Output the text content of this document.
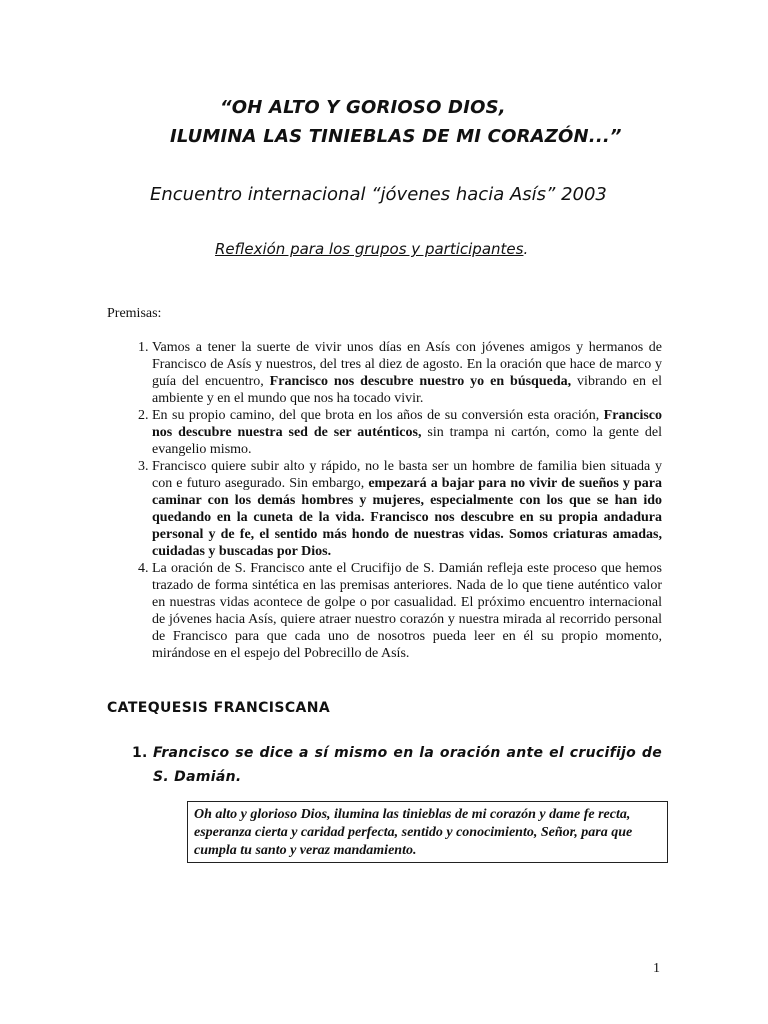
“OH ALTO Y GORIOSO DIOS,
ILUMINA LAS TINIEBLAS DE MI CORAZÓN...”
Encuentro internacional “jóvenes hacia Asís” 2003
Reflexión para los grupos y participantes.
Premisas:
1. Vamos a tener la suerte de vivir unos días en Asís con jóvenes amigos y hermanos de Francisco de Asís y nuestros, del tres al diez de agosto. En la oración que hace de marco y guía del encuentro, Francisco nos descubre nuestro yo en búsqueda, vibrando en el ambiente y en el mundo que nos ha tocado vivir.
2. En su propio camino, del que brota en los años de su conversión esta oración, Francisco nos descubre nuestra sed de ser auténticos, sin trampa ni cartón, como la gente del evangelio mismo.
3. Francisco quiere subir alto y rápido, no le basta ser un hombre de familia bien situada y con e futuro asegurado. Sin embargo, empezará a bajar para no vivir de sueños y para caminar con los demás hombres y mujeres, especialmente con los que se han ido quedando en la cuneta de la vida. Francisco nos descubre en su propia andadura personal y de fe, el sentido más hondo de nuestras vidas. Somos criaturas amadas, cuidadas y buscadas por Dios.
4. La oración de S. Francisco ante el Crucifijo de S. Damián refleja este proceso que hemos trazado de forma sintética en las premisas anteriores. Nada de lo que tiene auténtico valor en nuestras vidas acontece de golpe o por casualidad. El próximo encuentro internacional de jóvenes hacia Asís, quiere atraer nuestro corazón y nuestra mirada al recorrido personal de Francisco para que cada uno de nosotros pueda leer en él su propio momento, mirándose en el espejo del Pobrecillo de Asís.
CATEQUESIS FRANCISCANA
1. Francisco se dice a sí mismo en la oración ante el crucifijo de S. Damián.
Oh alto y glorioso Dios, ilumina las tinieblas de mi corazón y dame fe recta, esperanza cierta y caridad perfecta, sentido y conocimiento, Señor, para que cumpla tu santo y veraz mandamiento.
1
